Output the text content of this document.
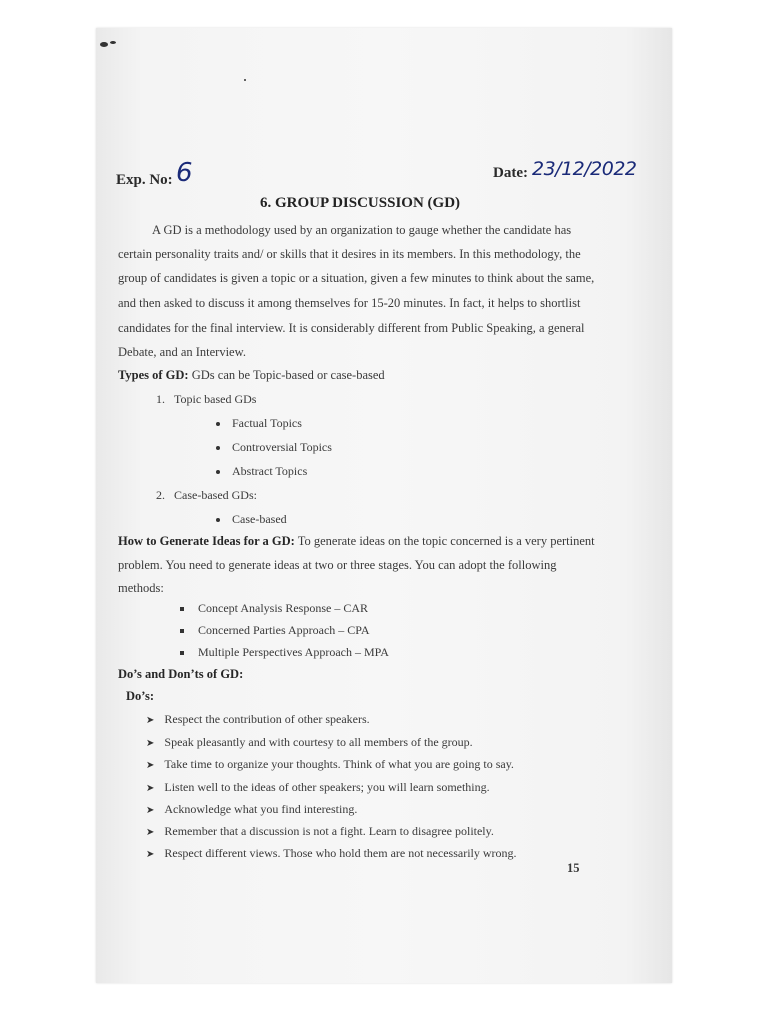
Exp. No: 6	Date: 23/12/2022
6. GROUP DISCUSSION (GD)
A GD is a methodology used by an organization to gauge whether the candidate has
certain personality traits and/ or skills that it desires in its members. In this methodology, the
group of candidates is given a topic or a situation, given a few minutes to think about the same,
and then asked to discuss it among themselves for 15-20 minutes. In fact, it helps to shortlist
candidates for the final interview. It is considerably different from Public Speaking, a general
Debate, and an Interview.
Types of GD: GDs can be Topic-based or case-based
1. Topic based GDs
Factual Topics
Controversial Topics
Abstract Topics
2. Case-based GDs:
Case-based
How to Generate Ideas for a GD: To generate ideas on the topic concerned is a very pertinent
problem. You need to generate ideas at two or three stages. You can adopt the following
methods:
Concept Analysis Response – CAR
Concerned Parties Approach – CPA
Multiple Perspectives Approach – MPA
Do’s and Don’ts of GD:
Do’s:
➤ Respect the contribution of other speakers.
➤ Speak pleasantly and with courtesy to all members of the group.
➤ Take time to organize your thoughts. Think of what you are going to say.
➤ Listen well to the ideas of other speakers; you will learn something.
➤ Acknowledge what you find interesting.
➤ Remember that a discussion is not a fight. Learn to disagree politely.
➤ Respect different views. Those who hold them are not necessarily wrong.
15
